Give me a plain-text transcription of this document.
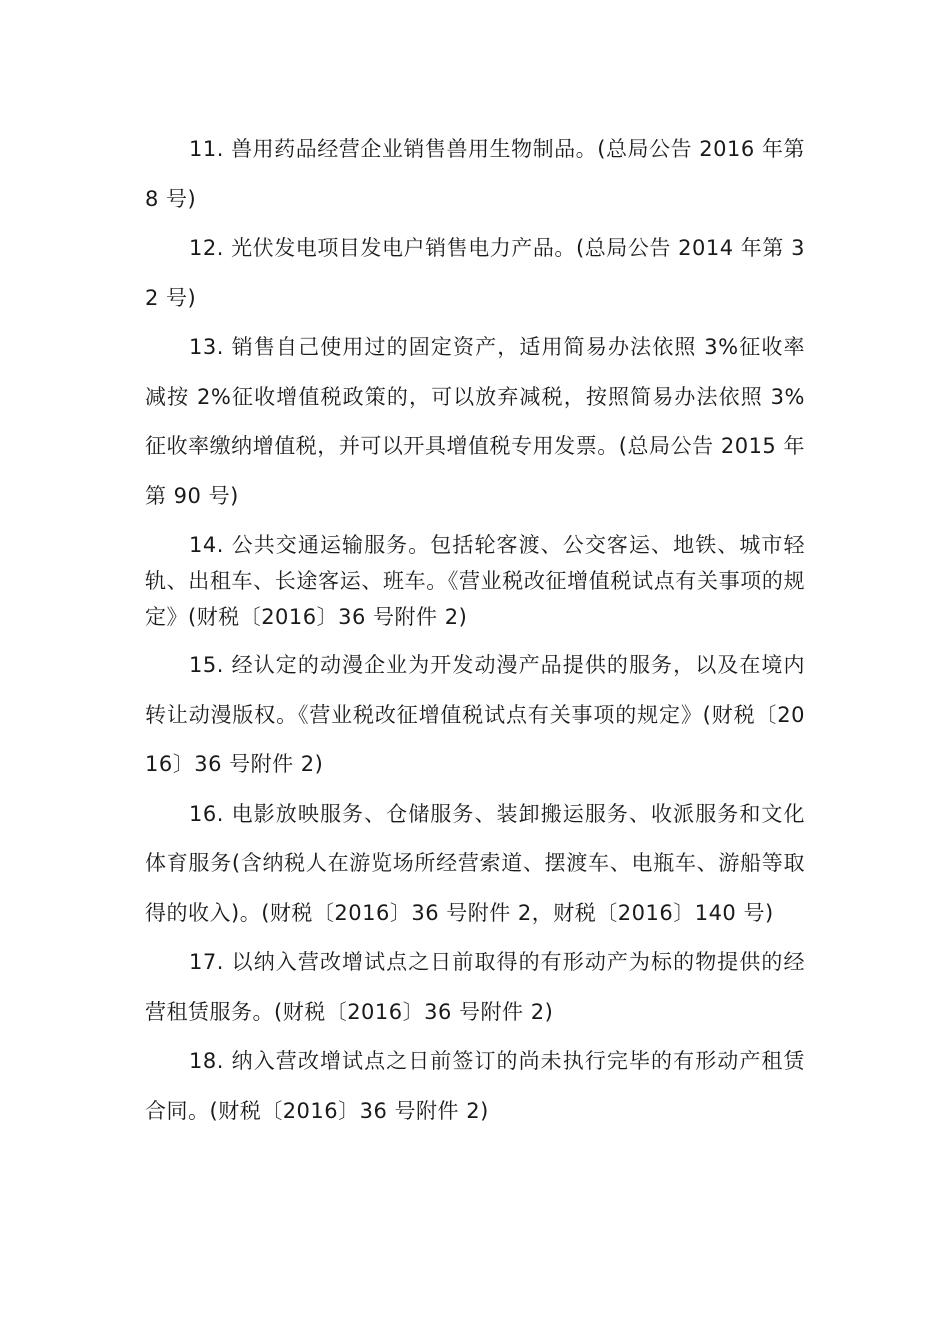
11. 兽用药品经营企业销售兽用生物制品。(总局公告 2016 年第 8 号)

12. 光伏发电项目发电户销售电力产品。(总局公告 2014 年第 32 号)

13. 销售自己使用过的固定资产，适用简易办法依照 3%征收率减按 2%征收增值税政策的，可以放弃减税，按照简易办法依照 3%征收率缴纳增值税，并可以开具增值税专用发票。(总局公告 2015 年第 90 号)

14. 公共交通运输服务。包括轮客渡、公交客运、地铁、城市轻轨、出租车、长途客运、班车。《营业税改征增值税试点有关事项的规定》(财税〔2016〕36 号附件 2)

15. 经认定的动漫企业为开发动漫产品提供的服务，以及在境内转让动漫版权。《营业税改征增值税试点有关事项的规定》(财税〔2016〕36 号附件 2)

16. 电影放映服务、仓储服务、装卸搬运服务、收派服务和文化体育服务(含纳税人在游览场所经营索道、摆渡车、电瓶车、游船等取得的收入)。(财税〔2016〕36 号附件 2，财税〔2016〕140 号)

17. 以纳入营改增试点之日前取得的有形动产为标的物提供的经营租赁服务。(财税〔2016〕36 号附件 2)

18. 纳入营改增试点之日前签订的尚未执行完毕的有形动产租赁合同。(财税〔2016〕36 号附件 2)
